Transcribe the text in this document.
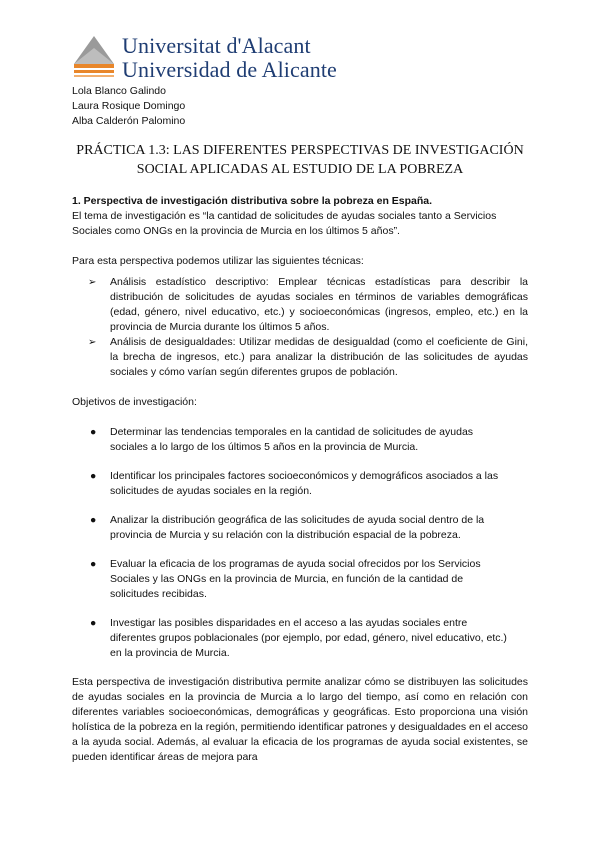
Universitat d'Alacant
Universidad de Alicante
Lola Blanco Galindo
Laura Rosique Domingo
Alba Calderón Palomino
PRÁCTICA 1.3: LAS DIFERENTES PERSPECTIVAS DE INVESTIGACIÓN
SOCIAL APLICADAS AL ESTUDIO DE LA POBREZA

1. Perspectiva de investigación distributiva sobre la pobreza en España.

El tema de investigación es “la cantidad de solicitudes de ayudas sociales tanto a Servicios Sociales como ONGs en la provincia de Murcia en los últimos 5 años”.

Para esta perspectiva podemos utilizar las siguientes técnicas:

➢ Análisis estadístico descriptivo: Emplear técnicas estadísticas para describir la distribución de solicitudes de ayudas sociales en términos de variables demográficas (edad, género, nivel educativo, etc.) y socioeconómicas (ingresos, empleo, etc.) en la provincia de Murcia durante los últimos 5 años.
➢ Análisis de desigualdades: Utilizar medidas de desigualdad (como el coeficiente de Gini, la brecha de ingresos, etc.) para analizar la distribución de las solicitudes de ayudas sociales y cómo varían según diferentes grupos de población.

Objetivos de investigación:

● Determinar las tendencias temporales en la cantidad de solicitudes de ayudas sociales a lo largo de los últimos 5 años en la provincia de Murcia.
● Identificar los principales factores socioeconómicos y demográficos asociados a las solicitudes de ayudas sociales en la región.
● Analizar la distribución geográfica de las solicitudes de ayuda social dentro de la provincia de Murcia y su relación con la distribución espacial de la pobreza.
● Evaluar la eficacia de los programas de ayuda social ofrecidos por los Servicios Sociales y las ONGs en la provincia de Murcia, en función de la cantidad de solicitudes recibidas.
● Investigar las posibles disparidades en el acceso a las ayudas sociales entre diferentes grupos poblacionales (por ejemplo, por edad, género, nivel educativo, etc.) en la provincia de Murcia.

Esta perspectiva de investigación distributiva permite analizar cómo se distribuyen las solicitudes de ayudas sociales en la provincia de Murcia a lo largo del tiempo, así como en relación con diferentes variables socioeconómicas, demográficas y geográficas. Esto proporciona una visión holística de la pobreza en la región, permitiendo identificar patrones y desigualdades en el acceso a la ayuda social. Además, al evaluar la eficacia de los programas de ayuda social existentes, se pueden identificar áreas de mejora para
